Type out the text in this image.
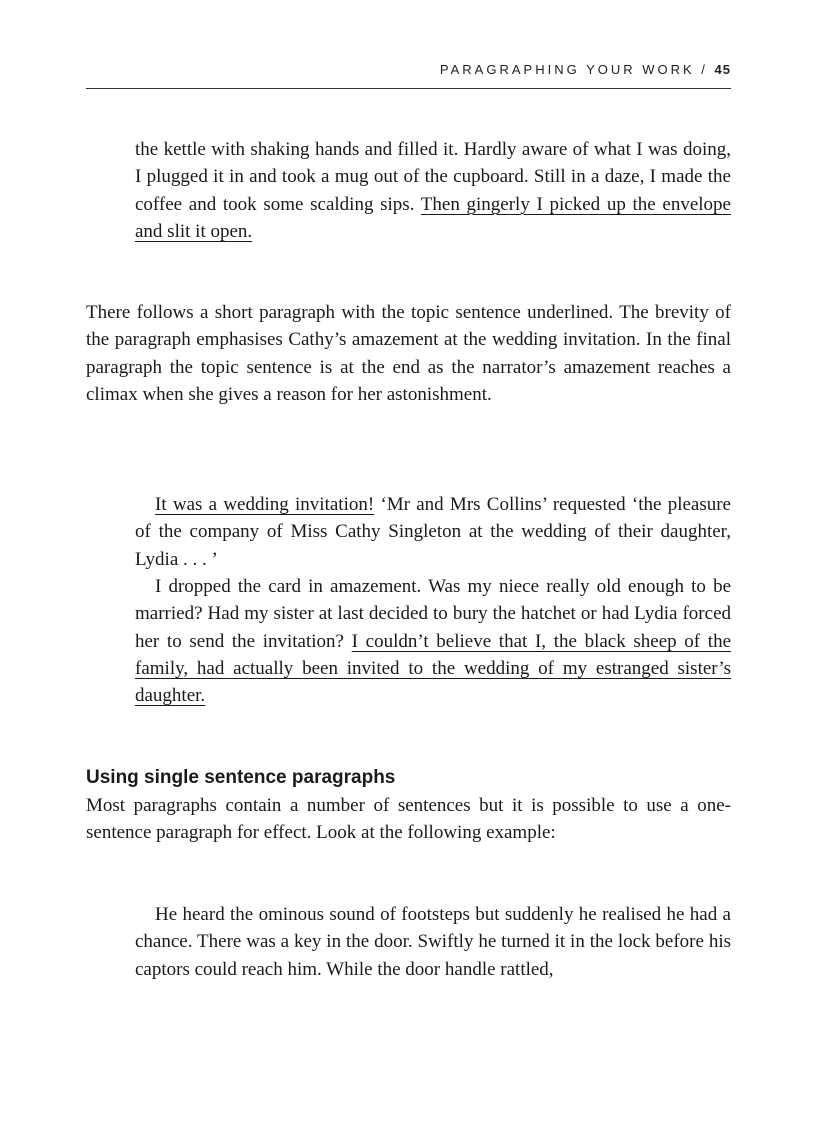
PARAGRAPHING YOUR WORK / 45

the kettle with shaking hands and filled it. Hardly aware of what I was doing, I plugged it in and took a mug out of the cupboard. Still in a daze, I made the coffee and took some scalding sips. Then gingerly I picked up the envelope and slit it open.

There follows a short paragraph with the topic sentence underlined. The brevity of the paragraph emphasises Cathy’s amazement at the wedding invitation. In the final paragraph the topic sentence is at the end as the narrator’s amazement reaches a climax when she gives a reason for her astonishment.

It was a wedding invitation! ‘Mr and Mrs Collins’ requested ‘the pleasure of the company of Miss Cathy Singleton at the wedding of their daughter, Lydia . . . ’

I dropped the card in amazement. Was my niece really old enough to be married? Had my sister at last decided to bury the hatchet or had Lydia forced her to send the invitation? I couldn’t believe that I, the black sheep of the family, had actually been invited to the wedding of my estranged sister’s daughter.

Using single sentence paragraphs

Most paragraphs contain a number of sentences but it is possible to use a one-sentence paragraph for effect. Look at the following example:

He heard the ominous sound of footsteps but suddenly he realised he had a chance. There was a key in the door. Swiftly he turned it in the lock before his captors could reach him. While the door handle rattled,
